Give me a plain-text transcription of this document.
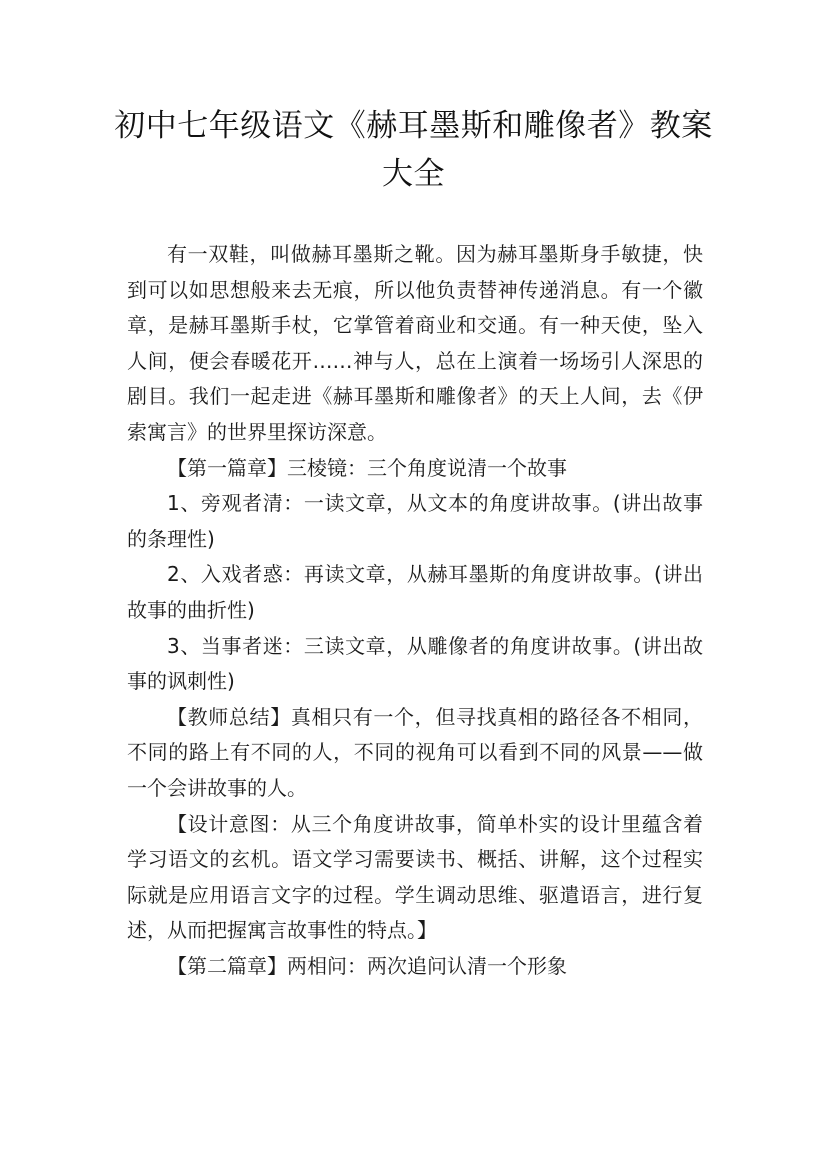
初中七年级语文《赫耳墨斯和雕像者》教案
大全

有一双鞋，叫做赫耳墨斯之靴。因为赫耳墨斯身手敏捷，快到可以如思想般来去无痕，所以他负责替神传递消息。有一个徽章，是赫耳墨斯手杖，它掌管着商业和交通。有一种天使，坠入人间，便会春暖花开……神与人，总在上演着一场场引人深思的剧目。我们一起走进《赫耳墨斯和雕像者》的天上人间，去《伊索寓言》的世界里探访深意。

【第一篇章】三棱镜：三个角度说清一个故事

1、旁观者清：一读文章，从文本的角度讲故事。(讲出故事的条理性)

2、入戏者惑：再读文章，从赫耳墨斯的角度讲故事。(讲出故事的曲折性)

3、当事者迷：三读文章，从雕像者的角度讲故事。(讲出故事的讽刺性)

【教师总结】真相只有一个，但寻找真相的路径各不相同，不同的路上有不同的人，不同的视角可以看到不同的风景——做一个会讲故事的人。

【设计意图：从三个角度讲故事，简单朴实的设计里蕴含着学习语文的玄机。语文学习需要读书、概括、讲解，这个过程实际就是应用语言文字的过程。学生调动思维、驱遣语言，进行复述，从而把握寓言故事性的特点。】

【第二篇章】两相问：两次追问认清一个形象
